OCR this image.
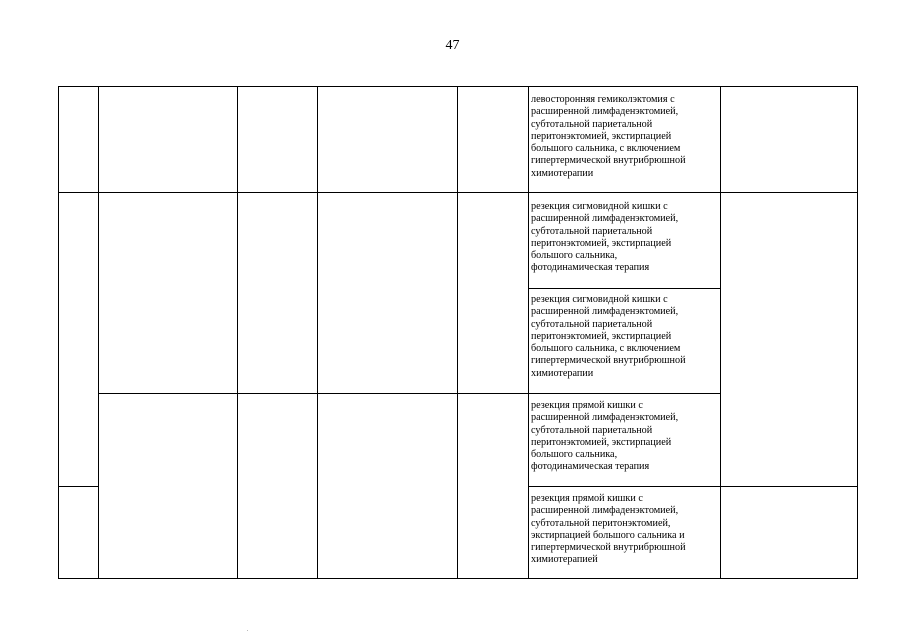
47
левосторонняя гемиколэктомия с
расширенной лимфаденэктомией,
субтотальной париетальной
перитонэктомией, экстирпацией
большого сальника, с включением
гипертермической внутрибрюшной
химиотерапии
резекция сигмовидной кишки с
расширенной лимфаденэктомией,
субтотальной париетальной
перитонэктомией, экстирпацией
большого сальника,
фотодинамическая терапия
резекция сигмовидной кишки с
расширенной лимфаденэктомией,
субтотальной париетальной
перитонэктомией, экстирпацией
большого сальника, с включением
гипертермической внутрибрюшной
химиотерапии
резекция прямой кишки с
расширенной лимфаденэктомией,
субтотальной париетальной
перитонэктомией, экстирпацией
большого сальника,
фотодинамическая терапия
резекция прямой кишки с
расширенной лимфаденэктомией,
субтотальной перитонэктомией,
экстирпацией большого сальника и
гипертермической внутрибрюшной
химиотерапией
